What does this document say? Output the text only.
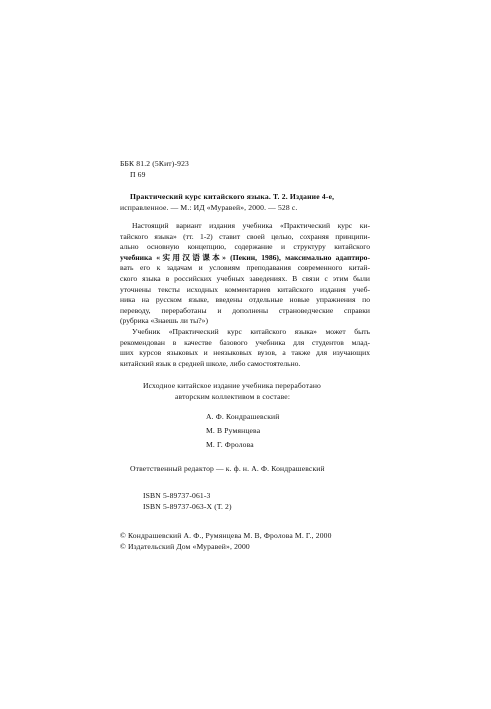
ББК 81.2 (5Кит)-923
П 69
Практический курс китайского языка. Т. 2. Издание 4-е,
исправленное. — М.: ИД «Муравей», 2000. — 528 с.
Настоящий вариант издания учебника «Практический курс ки-
тайского языка» (тт. 1-2) ставит своей целью, сохраняя принципи-
ально основную концепцию, содержание и структуру китайского
учебника «实用汉语课本» (Пекин, 1986), максимально адаптиро-
вать его к задачам и условиям преподавания современного китай-
ского языка в российских учебных заведениях. В связи с этим были
уточнены тексты исходных комментариев китайского издания учеб-
ника на русском языке, введены отдельные новые упражнения по
переводу, переработаны и дополнены страноведческие справки
(рубрика «Знаешь ли ты?»)
Учебник «Практический курс китайского языка» может быть
рекомендован в качестве базового учебника для студентов млад-
ших курсов языковых и неязыковых вузов, а также для изучающих
китайский язык в средней школе, либо самостоятельно.
Исходное китайское издание учебника переработано
авторским коллективом в составе:
А. Ф. Кондрашевский
М. В Румянцева
М. Г. Фролова
Ответственный редактор — к. ф. н. А. Ф. Кондрашевский
ISBN 5-89737-061-3
ISBN 5-89737-063-X (Т. 2)
© Кондрашевский А. Ф., Румянцева М. В, Фролова М. Г., 2000
© Издательский Дом «Муравей», 2000
